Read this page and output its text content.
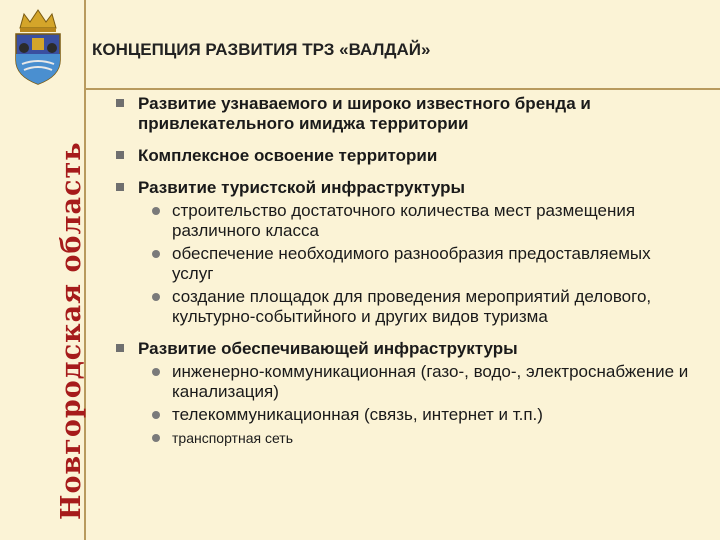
Новгородская область
КОНЦЕПЦИЯ РАЗВИТИЯ ТРЗ «ВАЛДАЙ»
Развитие узнаваемого и широко известного бренда и привлекательного имиджа территории
Комплексное освоение территории
Развитие туристской инфраструктуры
строительство достаточного количества мест размещения различного класса
обеспечение необходимого разнообразия предоставляемых услуг
создание площадок для проведения мероприятий делового, культурно-событийного и других видов туризма
Развитие обеспечивающей инфраструктуры
инженерно-коммуникационная (газо-, водо-, электроснабжение и канализация)
телекоммуникационная (связь, интернет и т.п.)
транспортная сеть
